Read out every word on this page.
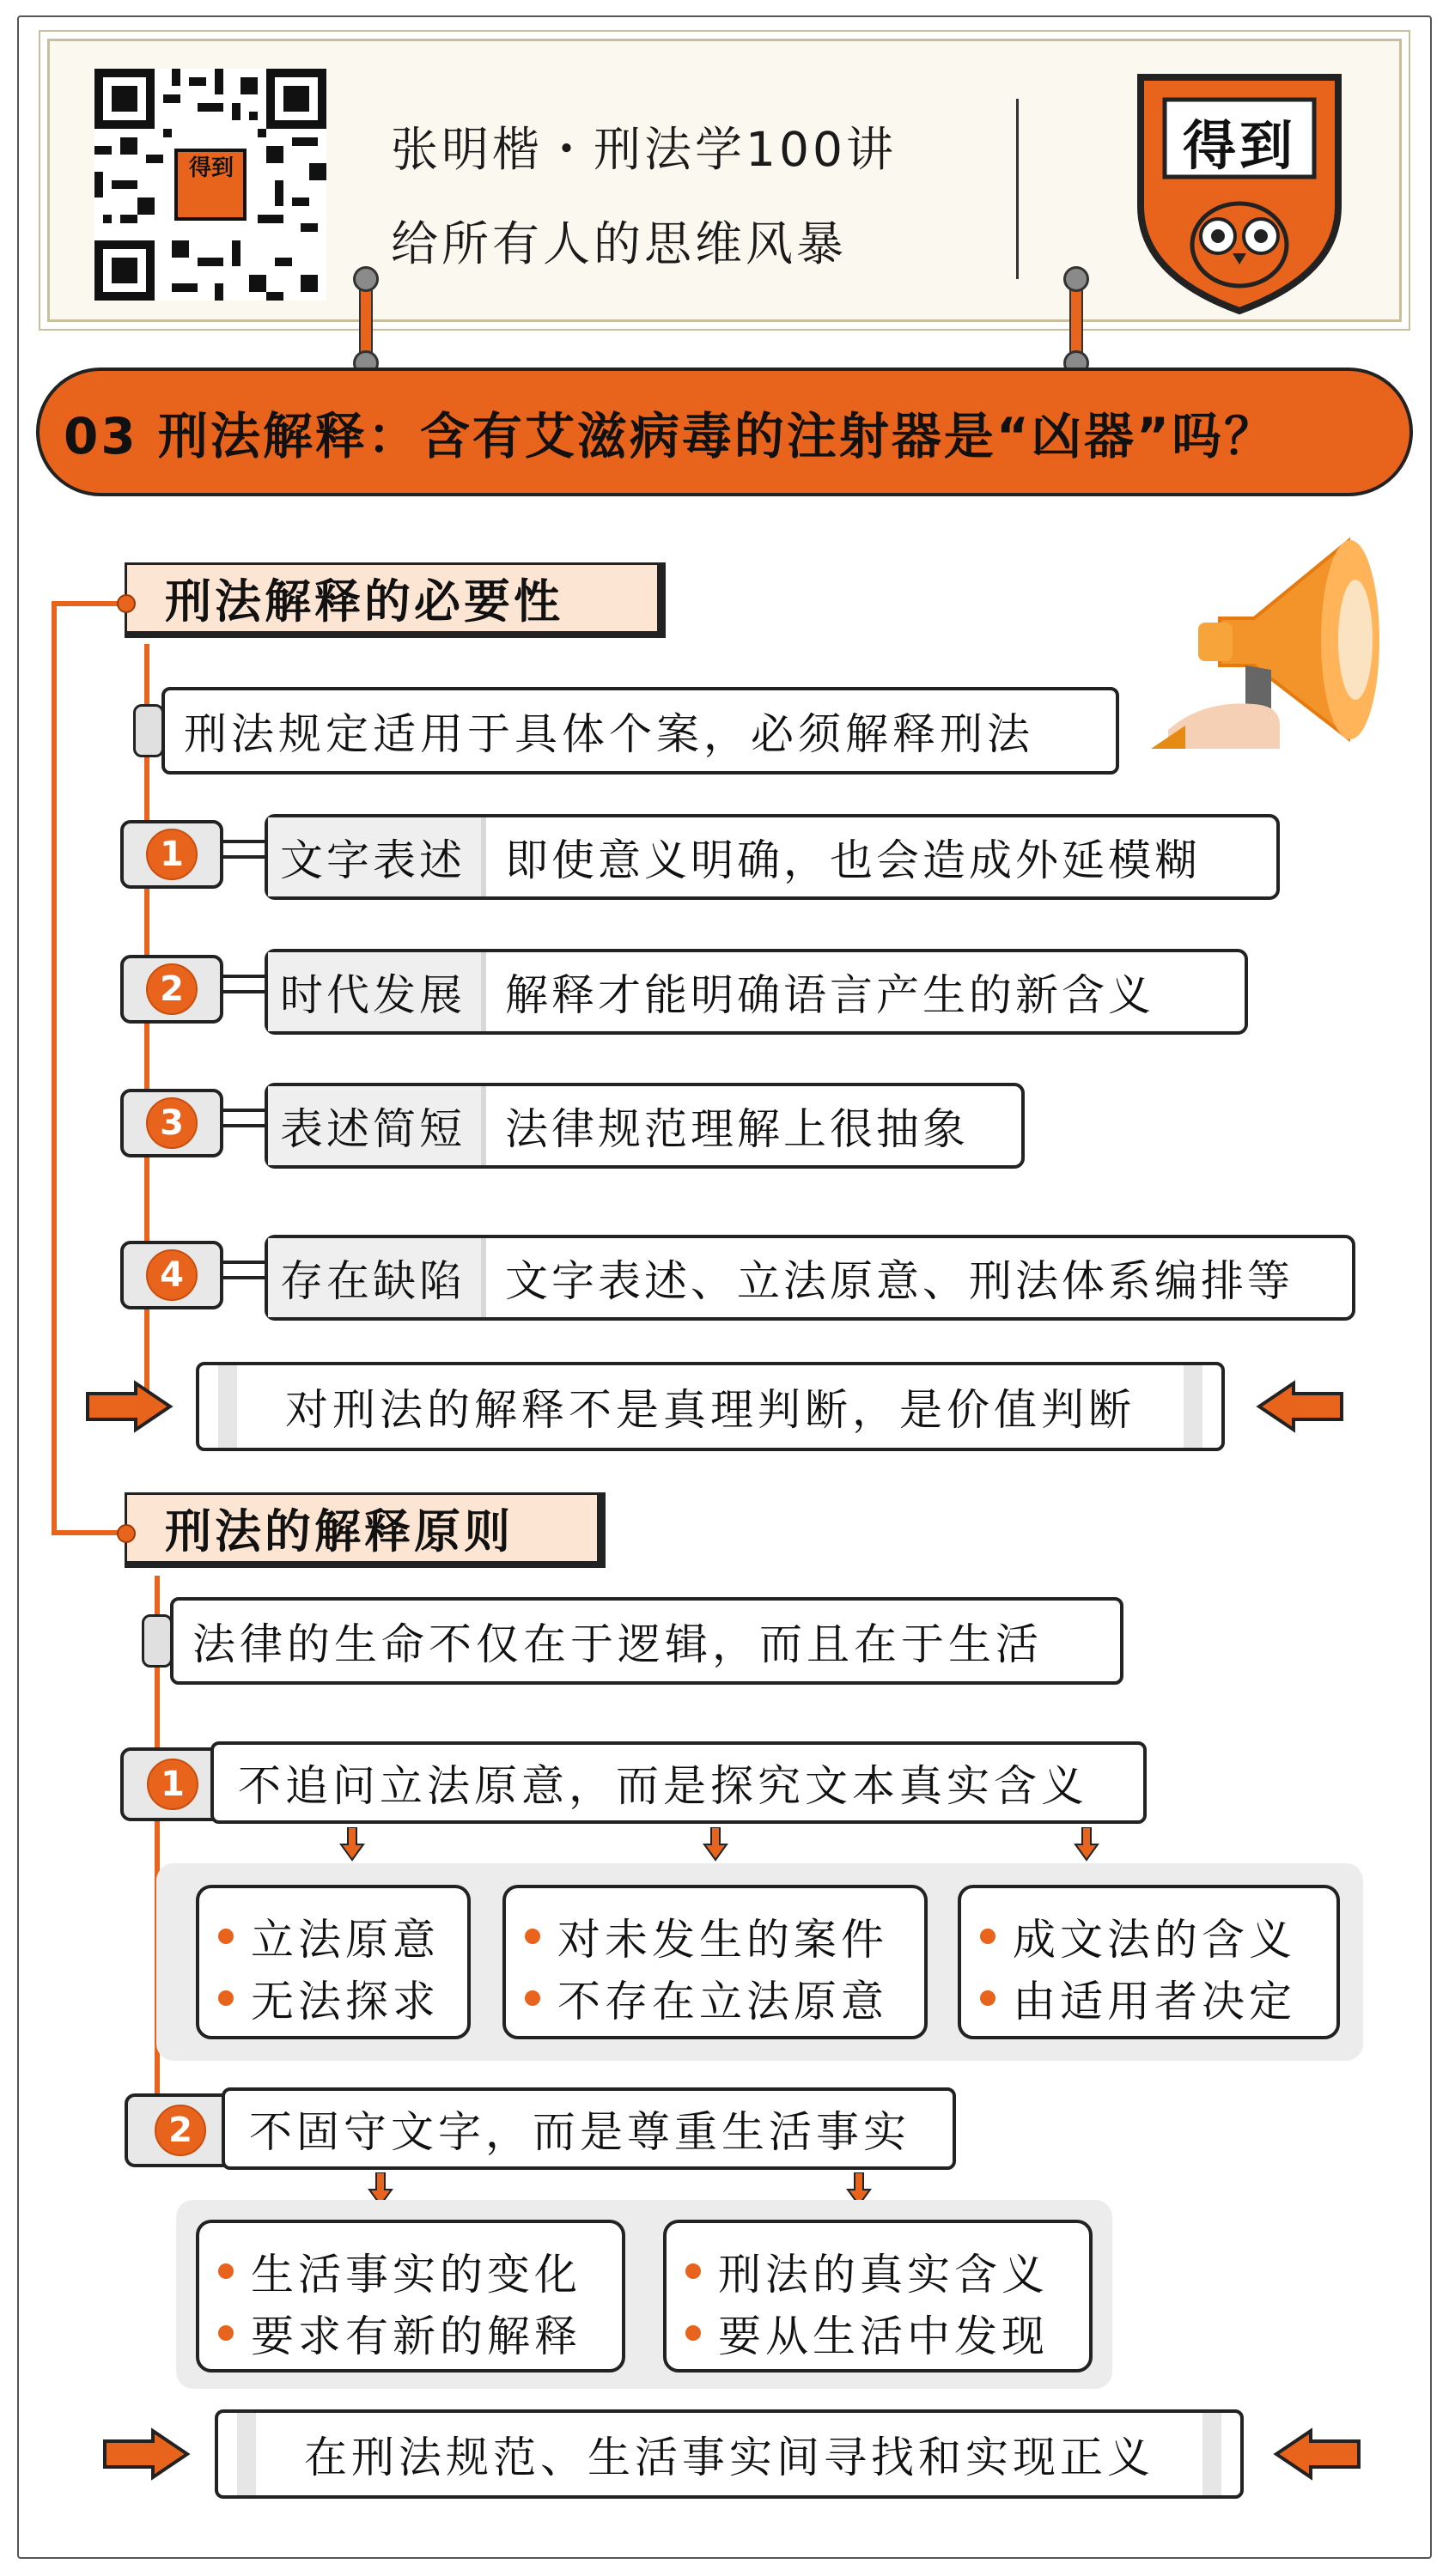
得到	张明楷・刑法学100讲
给所有人的思维风暴
得到
03 刑法解释：含有艾滋病毒的注射器是“凶器”吗？
刑法解释的必要性
刑法规定适用于具体个案，必须解释刑法
1	文字表述 即使意义明确，也会造成外延模糊
2	时代发展 解释才能明确语言产生的新含义
3	表述简短 法律规范理解上很抽象
4	存在缺陷 文字表述、立法原意、刑法体系编排等
对刑法的解释不是真理判断，是价值判断
刑法的解释原则
法律的生命不仅在于逻辑，而且在于生活
1	不追问立法原意，而是探究文本真实含义
立法原意
无法探求
对未发生的案件
不存在立法原意
成文法的含义
由适用者决定
2	不固守文字，而是尊重生活事实
生活事实的变化
要求有新的解释
刑法的真实含义
要从生活中发现
在刑法规范、生活事实间寻找和实现正义
